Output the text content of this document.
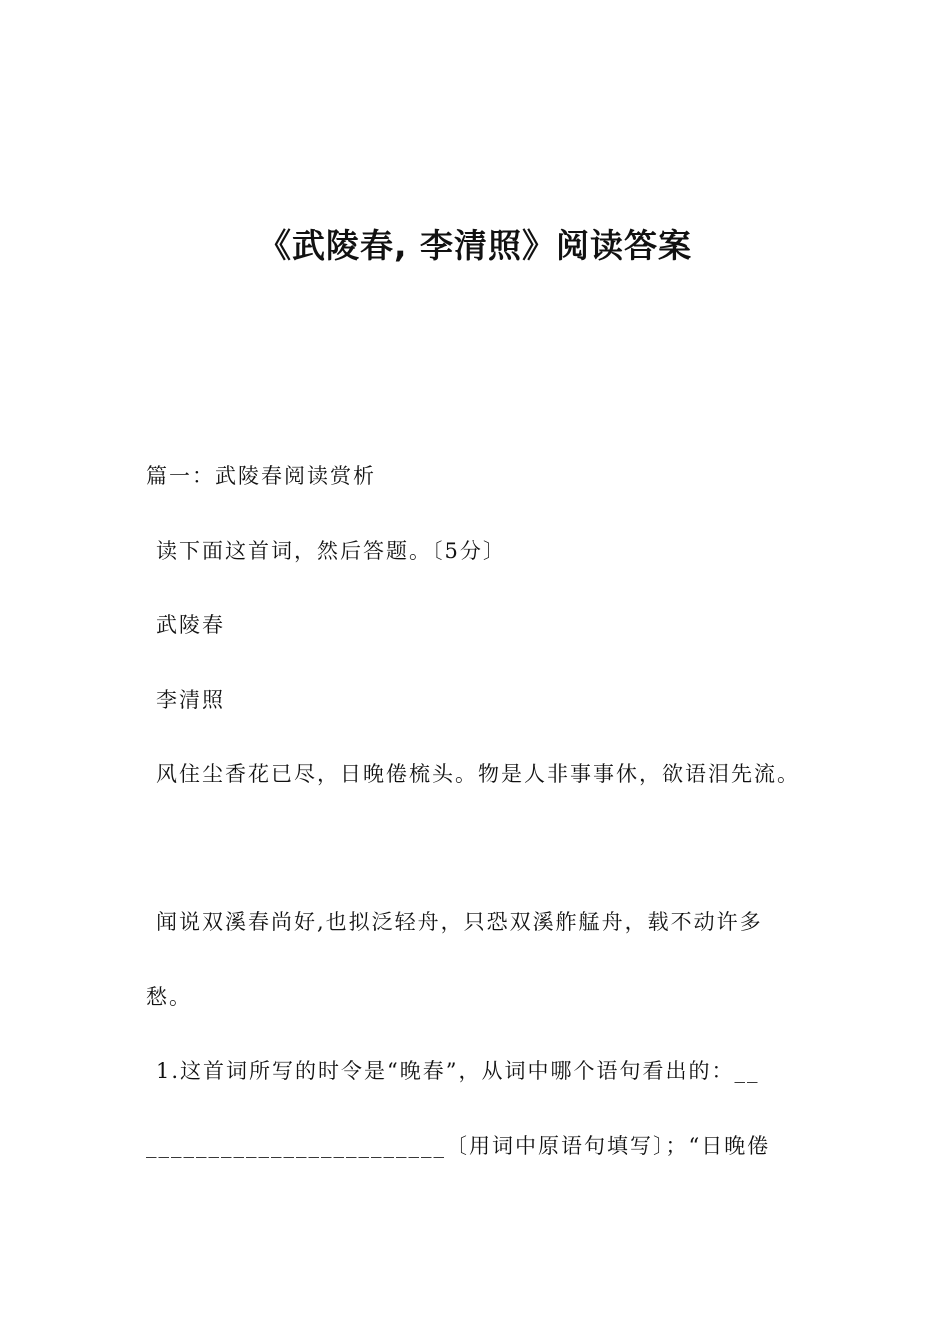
《武陵春, 李清照》阅读答案

篇一：武陵春阅读赏析

读下面这首词，然后答题。〔5分〕

武陵春

李清照

风住尘香花已尽，日晚倦梳头。物是人非事事休，欲语泪先流。

闻说双溪春尚好,也拟泛轻舟，只恐双溪舴艋舟，载不动许多

愁。

1.这首词所写的时令是“晚春”，从词中哪个语句看出的：__

________________________〔用词中原语句填写〕；“日晚倦
